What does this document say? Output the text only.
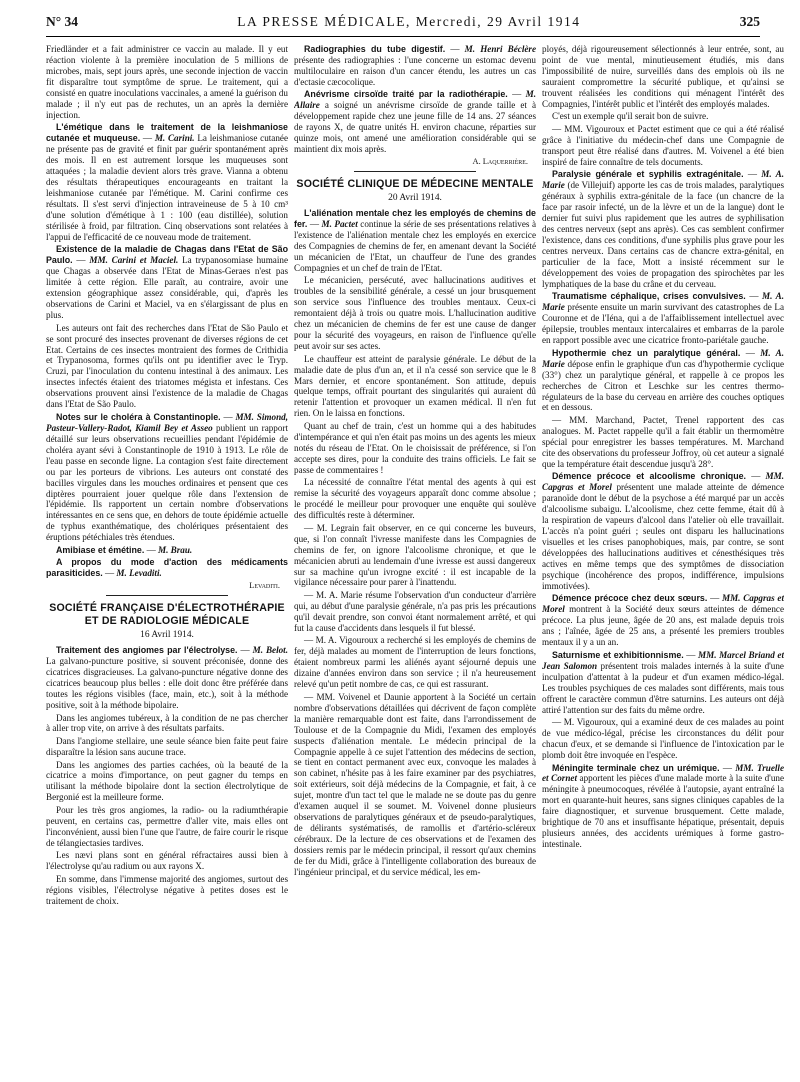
N° 34	LA PRESSE MÉDICALE, Mercredi, 29 Avril 1914	325

Friedländer et a fait administrer ce vaccin au malade. Il y eut réaction violente à la première inoculation de 5 millions de microbes, mais, sept jours après, une seconde injection de vaccin fit disparaître tout symptôme de sprue. Le traitement, qui a consisté en quatre inoculations vaccinales, a amené la guérison du malade ; il n'y eut pas de rechutes, un an après la dernière injection.

L'émétique dans le traitement de la leishmaniose cutanée et muqueuse. — M. Carini. La leishmaniose cutanée ne présente pas de gravité et finit par guérir spontanément après des mois. Il en est autrement lorsque les muqueuses sont attaquées ; la maladie devient alors très grave. Vianna a obtenu des résultats thérapeutiques encourageants en traitant la leishmaniose cutanée par l'émétique. M. Carini confirme ces résultats. Il s'est servi d'injection intraveineuse de 5 à 10 cm³ d'une solution d'émétique à 1 : 100 (eau distillée), solution stérilisée à froid, par filtration. Cinq observations sont relatées à l'appui de l'efficacité de ce nouveau mode de traitement.

Existence de la maladie de Chagas dans l'Etat de São Paulo. — MM. Carini et Maciel. La trypanosomiase humaine que Chagas a observée dans l'Etat de Minas-Geraes n'est pas limitée à cette région. Elle paraît, au contraire, avoir une extension géographique assez considérable, qui, d'après les observations de Carini et Maciel, va en s'élargissant de plus en plus.

Les auteurs ont fait des recherches dans l'Etat de São Paulo et se sont procuré des insectes provenant de diverses régions de cet Etat. Certains de ces insectes montraient des formes de Crithidia et Trypanosoma, formes qu'ils ont pu identifier avec le Tryp. Cruzi, par l'inoculation du contenu intestinal à des animaux. Les insectes infectés étaient des triatomes mégista et infestans. Ces observations prouvent ainsi l'existence de la maladie de Chagas dans l'Etat de São Paulo.

Notes sur le choléra à Constantinople. — MM. Simond, Pasteur-Vallery-Radot, Kiamil Bey et Asseo publient un rapport détaillé sur leurs observations recueillies pendant l'épidémie de choléra ayant sévi à Constantinople de 1910 à 1913. Le rôle de l'eau passe en seconde ligne. La contagion s'est faite directement ou par les porteurs de vibrions. Les auteurs ont constaté des bacilles virgules dans les mouches ordinaires et pensent que ces diptères pourraient jouer quelque rôle dans l'extension de l'épidémie. Ils rapportent un certain nombre d'observations intéressantes en ce sens que, en dehors de toute épidémie actuelle de typhus exanthématique, des cholériques présentaient des éruptions pétéchiales très étendues.

Amibiase et émétine. — M. Brau.

A propos du mode d'action des médicaments parasiticides. — M. Levaditi.

Levaditi.

SOCIÉTÉ FRANÇAISE D'ÉLECTROTHÉRAPIE
ET DE RADIOLOGIE MÉDICALE
16 Avril 1914.

Traitement des angiomes par l'électrolyse. — M. Belot. La galvano-puncture positive, si souvent préconisée, donne des cicatrices disgracieuses. La galvano-puncture négative donne des cicatrices beaucoup plus belles : elle doit donc être préférée dans toutes les régions visibles (face, main, etc.), soit à la méthode positive, soit à la méthode bipolaire.

Dans les angiomes tubéreux, à la condition de ne pas chercher à aller trop vite, on arrive à des résultats parfaits.

Dans l'angiome stellaire, une seule séance bien faite peut faire disparaître la lésion sans aucune trace.

Dans les angiomes des parties cachées, où la beauté de la cicatrice a moins d'importance, on peut gagner du temps en utilisant la méthode bipolaire dont la section électrolytique de Bergonié est la meilleure forme.

Pour les très gros angiomes, la radio- ou la radiumthérapie peuvent, en certains cas, permettre d'aller vite, mais elles ont l'inconvénient, aussi bien l'une que l'autre, de faire courir le risque de télangiectasies tardives.

Les nævi plans sont en général réfractaires aussi bien à l'électrolyse qu'au radium ou aux rayons X.

En somme, dans l'immense majorité des angiomes, surtout des régions visibles, l'électrolyse négative à petites doses est le traitement de choix.

Radiographies du tube digestif. — M. Henri Béclère présente des radiographies : l'une concerne un estomac devenu multiloculaire en raison d'un cancer étendu, les autres un cas d'ectasie cæcocolique.

Anévrisme cirsoïde traité par la radiothérapie. — M. Allaire a soigné un anévrisme cirsoïde de grande taille et à développement rapide chez une jeune fille de 14 ans. 27 séances de rayons X, de quatre unités H. environ chacune, réparties sur quinze mois, ont amené une amélioration considérable qui se maintient dix mois après.

A. Laquerrière.

SOCIÉTÉ CLINIQUE DE MÉDECINE MENTALE
20 Avril 1914.

L'aliénation mentale chez les employés de chemins de fer. — M. Pactet continue la série de ses présentations relatives à l'existence de l'aliénation mentale chez les employés en exercice des Compagnies de chemins de fer, en amenant devant la Société un mécanicien de l'Etat, un chauffeur de l'une des grandes Compagnies et un chef de train de l'Etat.

Le mécanicien, persécuté, avec hallucinations auditives et troubles de la sensibilité générale, a cessé un jour brusquement son service sous l'influence des troubles mentaux. Ceux-ci remontaient déjà à trois ou quatre mois. L'hallucination auditive chez un mécanicien de chemins de fer est une cause de danger pour la sécurité des voyageurs, en raison de l'influence qu'elle peut avoir sur ses actes.

Le chauffeur est atteint de paralysie générale. Le début de la maladie date de plus d'un an, et il n'a cessé son service que le 8 Mars dernier, et encore spontanément. Son attitude, depuis quelque temps, offrait pourtant des singularités qui auraient dû retenir l'attention et provoquer un examen médical. Il n'en fut rien. On le laissa en fonctions.

Quant au chef de train, c'est un homme qui a des habitudes d'intempérance et qui n'en était pas moins un des agents les mieux notés du réseau de l'Etat. On le choisissait de préférence, si l'on accepte ses dires, pour la conduite des trains officiels. Le fait se passe de commentaires !

La nécessité de connaître l'état mental des agents à qui est remise la sécurité des voyageurs apparaît donc comme absolue ; le procédé le meilleur pour provoquer une enquête qui soulève des difficultés reste à déterminer.

— M. Legrain fait observer, en ce qui concerne les buveurs, que, si l'on connaît l'ivresse manifeste dans les Compagnies de chemins de fer, on ignore l'alcoolisme chronique, et que le mécanicien abruti au lendemain d'une ivresse est aussi dangereux sur sa machine qu'un ivrogne excité : il est incapable de la vigilance nécessaire pour parer à l'inattendu.

— M. A. Marie résume l'observation d'un conducteur d'arrière qui, au début d'une paralysie générale, n'a pas pris les précautions qu'il devait prendre, son convoi étant normalement arrêté, et qui fut la cause d'accidents dans lesquels il fut blessé.

— M. A. Vigouroux a recherché si les employés de chemins de fer, déjà malades au moment de l'interruption de leurs fonctions, étaient nombreux parmi les aliénés ayant séjourné depuis une dizaine d'années environ dans son service ; il n'a heureusement relevé qu'un petit nombre de cas, ce qui est rassurant.

— MM. Voivenel et Daunie apportent à la Société un certain nombre d'observations détaillées qui décrivent de façon complète la manière remarquable dont est faite, dans l'arrondissement de Toulouse et de la Compagnie du Midi, l'examen des employés suspects d'aliénation mentale. Le médecin principal de la Compagnie appelle à ce sujet l'attention des médecins de section, se tient en contact permanent avec eux, convoque les malades à son cabinet, n'hésite pas à les faire examiner par des psychiatres, soit extérieurs, soit déjà médecins de la Compagnie, et fait, à ce sujet, montre d'un tact tel que le malade ne se doute pas du genre d'examen auquel il se soumet. M. Voivenel donne plusieurs observations de paralytiques généraux et de pseudo-paralytiques, de délirants systématisés, de ramollis et d'artério-scléreux cérébraux. De la lecture de ces observations et de l'examen des dossiers remis par le médecin principal, il ressort qu'aux chemins de fer du Midi, grâce à l'intelligente collaboration des bureaux de l'ingénieur principal, et du service médical, les em-

ployés, déjà rigoureusement sélectionnés à leur entrée, sont, au point de vue mental, minutieusement étudiés, mis dans l'impossibilité de nuire, surveillés dans des emplois où ils ne sauraient compromettre la sécurité publique, et qu'ainsi se trouvent réalisées les conditions qui ménagent l'intérêt des Compagnies, l'intérêt public et l'intérêt des employés malades.

C'est un exemple qu'il serait bon de suivre.

— MM. Vigouroux et Pactet estiment que ce qui a été réalisé grâce à l'initiative du médecin-chef dans une Compagnie de transport peut être réalisé dans d'autres. M. Voivenel a été bien inspiré de faire connaître de tels documents.

Paralysie générale et syphilis extragénitale. — M. A. Marie (de Villejuif) apporte les cas de trois malades, paralytiques généraux à syphilis extra-génitale de la face (un chancre de la face par rasoir infecté, un de la lèvre et un de la langue) dont le dernier fut suivi plus rapidement que les autres de syphilisation des centres nerveux (sept ans après). Ces cas semblent confirmer l'existence, dans ces conditions, d'une syphilis plus grave pour les centres nerveux. Dans certains cas de chancre extra-génital, en particulier de la face, Mott a insisté récemment sur le développement des voies de propagation des spirochètes par les lymphatiques de la base du crâne et du cerveau.

Traumatisme céphalique, crises convulsives. — M. A. Marie présente ensuite un marin survivant des catastrophes de La Couronne et de l'Iéna, qui a de l'affaiblissement intellectuel avec épilepsie, troubles mentaux intercalaires et embarras de la parole en rapport possible avec une cicatrice fronto-pariétale gauche.

Hypothermie chez un paralytique général. — M. A. Marie dépose enfin le graphique d'un cas d'hypothermie cyclique (33°) chez un paralytique général, et rappelle à ce propos les recherches de Citron et Leschke sur les centres thermo-régulateurs de la base du cerveau en arrière des couches optiques et en dessous.

— MM. Marchand, Pactet, Trenel rapportent des cas analogues. M. Pactet rappelle qu'il a fait établir un thermomètre spécial pour enregistrer les basses températures. M. Marchand cite des observations du professeur Joffroy, où cet auteur a signalé que la température était descendue jusqu'à 28°.

Démence précoce et alcoolisme chronique. — MM. Capgras et Morel présentent une malade atteinte de démence paranoïde dont le début de la psychose a été marqué par un accès d'alcoolisme subaigu. L'alcoolisme, chez cette femme, était dû à la respiration de vapeurs d'alcool dans l'atelier où elle travaillait. L'accès n'a point guéri ; seules ont disparu les hallucinations visuelles et les crises panophobiques, mais, par contre, se sont développées des hallucinations auditives et cénesthésiques très actives en même temps que des symptômes de dissociation psychique (incohérence des propos, indifférence, impulsions immotivées).

Démence précoce chez deux sœurs. — MM. Capgras et Morel montrent à la Société deux sœurs atteintes de démence précoce. La plus jeune, âgée de 20 ans, est malade depuis trois ans ; l'aînée, âgée de 25 ans, a présenté les premiers troubles mentaux il y a un an.

Saturnisme et exhibitionnisme. — MM. Marcel Briand et Jean Salomon présentent trois malades internés à la suite d'une inculpation d'attentat à la pudeur et d'un examen médico-légal. Les troubles psychiques de ces malades sont différents, mais tous offrent le caractère commun d'être saturnins. Les auteurs ont déjà attiré l'attention sur des faits du même ordre.

— M. Vigouroux, qui a examiné deux de ces malades au point de vue médico-légal, précise les circonstances du délit pour chacun d'eux, et se demande si l'influence de l'intoxication par le plomb doit être invoquée en l'espèce.

Méningite terminale chez un urémique. — MM. Truelle et Cornet apportent les pièces d'une malade morte à la suite d'une méningite à pneumocoques, révélée à l'autopsie, ayant entraîné la mort en quarante-huit heures, sans signes cliniques capables de la faire diagnostiquer, et survenue brusquement. Cette malade, brightique de 70 ans et insuffisante hépatique, présentait, depuis plusieurs années, des accidents urémiques à forme gastro-intestinale.
